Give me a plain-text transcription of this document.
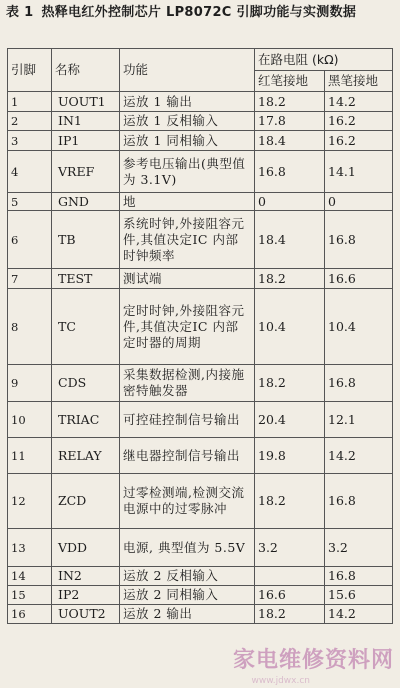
表 1 热释电红外控制芯片 LP8072C 引脚功能与实测数据
引脚	名称	功能	在路电阻 (kΩ)	
			红笔接地	黑笔接地
1	UOUT1	运放 1 输出	18.2	14.2
2	IN1	运放 1 反相输入	17.8	16.2
3	IP1	运放 1 同相输入	18.4	16.2
4	VREF	参考电压输出(典型值为 3.1V)	16.8	14.1
5	GND	地	0	0
6	TB	系统时钟,外接阻容元件,其值决定IC 内部时钟频率	18.4	16.8
7	TEST	测试端	18.2	16.6
8	TC	定时时钟,外接阻容元件,其值决定IC 内部定时器的周期	10.4	10.4
9	CDS	采集数据检测,内接施密特触发器	18.2	16.8
10	TRIAC	可控硅控制信号输出	20.4	12.1
11	RELAY	继电器控制信号输出	19.8	14.2
12	ZCD	过零检测端,检测交流电源中的过零脉冲	18.2	16.8
13	VDD	电源, 典型值为 5.5V	3.2	3.2
14	IN2	运放 2 反相输入		16.8
15	IP2	运放 2 同相输入	16.6	15.6
16	UOUT2	运放 2 输出	18.2	14.2
家电维修资料网
www.jdwx.cn
